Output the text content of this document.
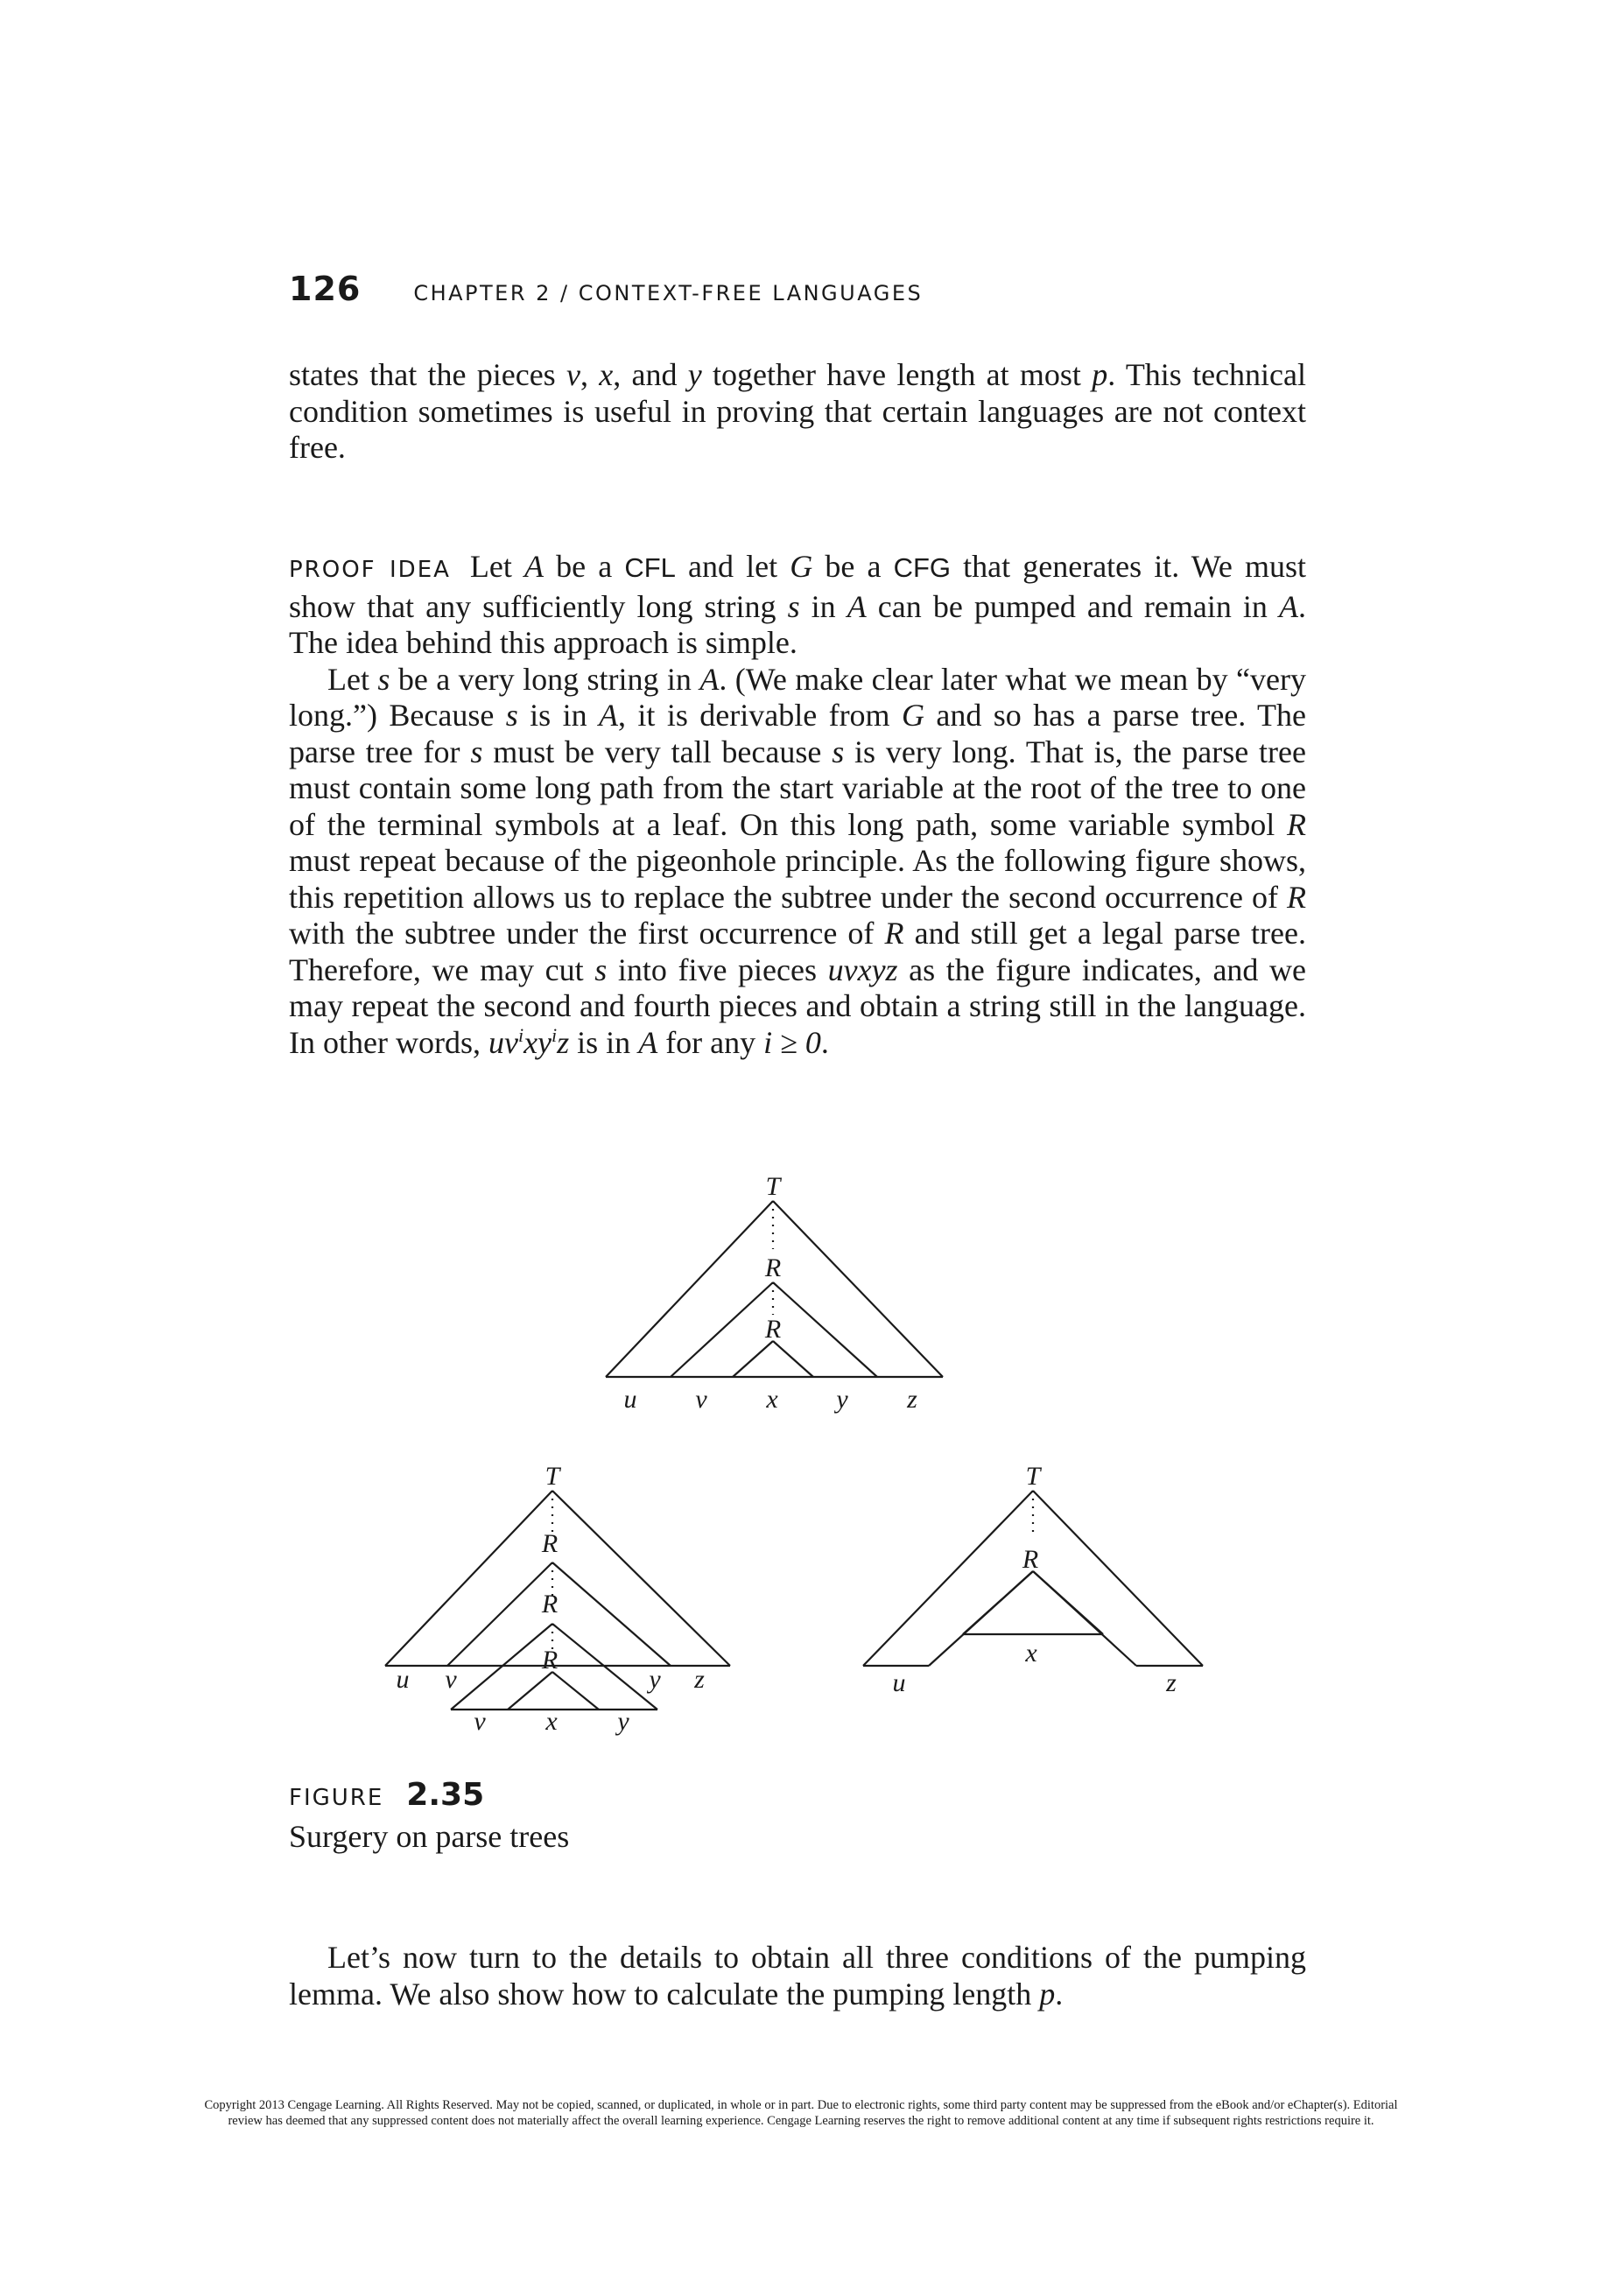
126	CHAPTER 2 / CONTEXT-FREE LANGUAGES

states that the pieces v, x, and y together have length at most p. This technical condition sometimes is useful in proving that certain languages are not context free.

PROOF IDEA Let A be a CFL and let G be a CFG that generates it. We must show that any sufficiently long string s in A can be pumped and remain in A. The idea behind this approach is simple.

Let s be a very long string in A. (We make clear later what we mean by “very long.”) Because s is in A, it is derivable from G and so has a parse tree. The parse tree for s must be very tall because s is very long. That is, the parse tree must contain some long path from the start variable at the root of the tree to one of the terminal symbols at a leaf. On this long path, some variable symbol R must repeat because of the pigeonhole principle. As the following figure shows, this repetition allows us to replace the subtree under the second occurrence of R with the subtree under the first occurrence of R and still get a legal parse tree. Therefore, we may cut s into five pieces uvxyz as the figure indicates, and we may repeat the second and fourth pieces and obtain a string still in the language. In other words, $uv^ixy^iz$ is in A for any i ≥ 0.

T
R
R
u v x y z
T
R
R
R
u v	y z
v x y
T
R
x
u	z
FIGURE 2.35
Surgery on parse trees

Let’s now turn to the details to obtain all three conditions of the pumping lemma. We also show how to calculate the pumping length p.

Copyright 2013 Cengage Learning. All Rights Reserved. May not be copied, scanned, or duplicated, in whole or in part. Due to electronic rights, some third party content may be suppressed from the eBook and/or eChapter(s). Editorial review has deemed that any suppressed content does not materially affect the overall learning experience. Cengage Learning reserves the right to remove additional content at any time if subsequent rights restrictions require it.
